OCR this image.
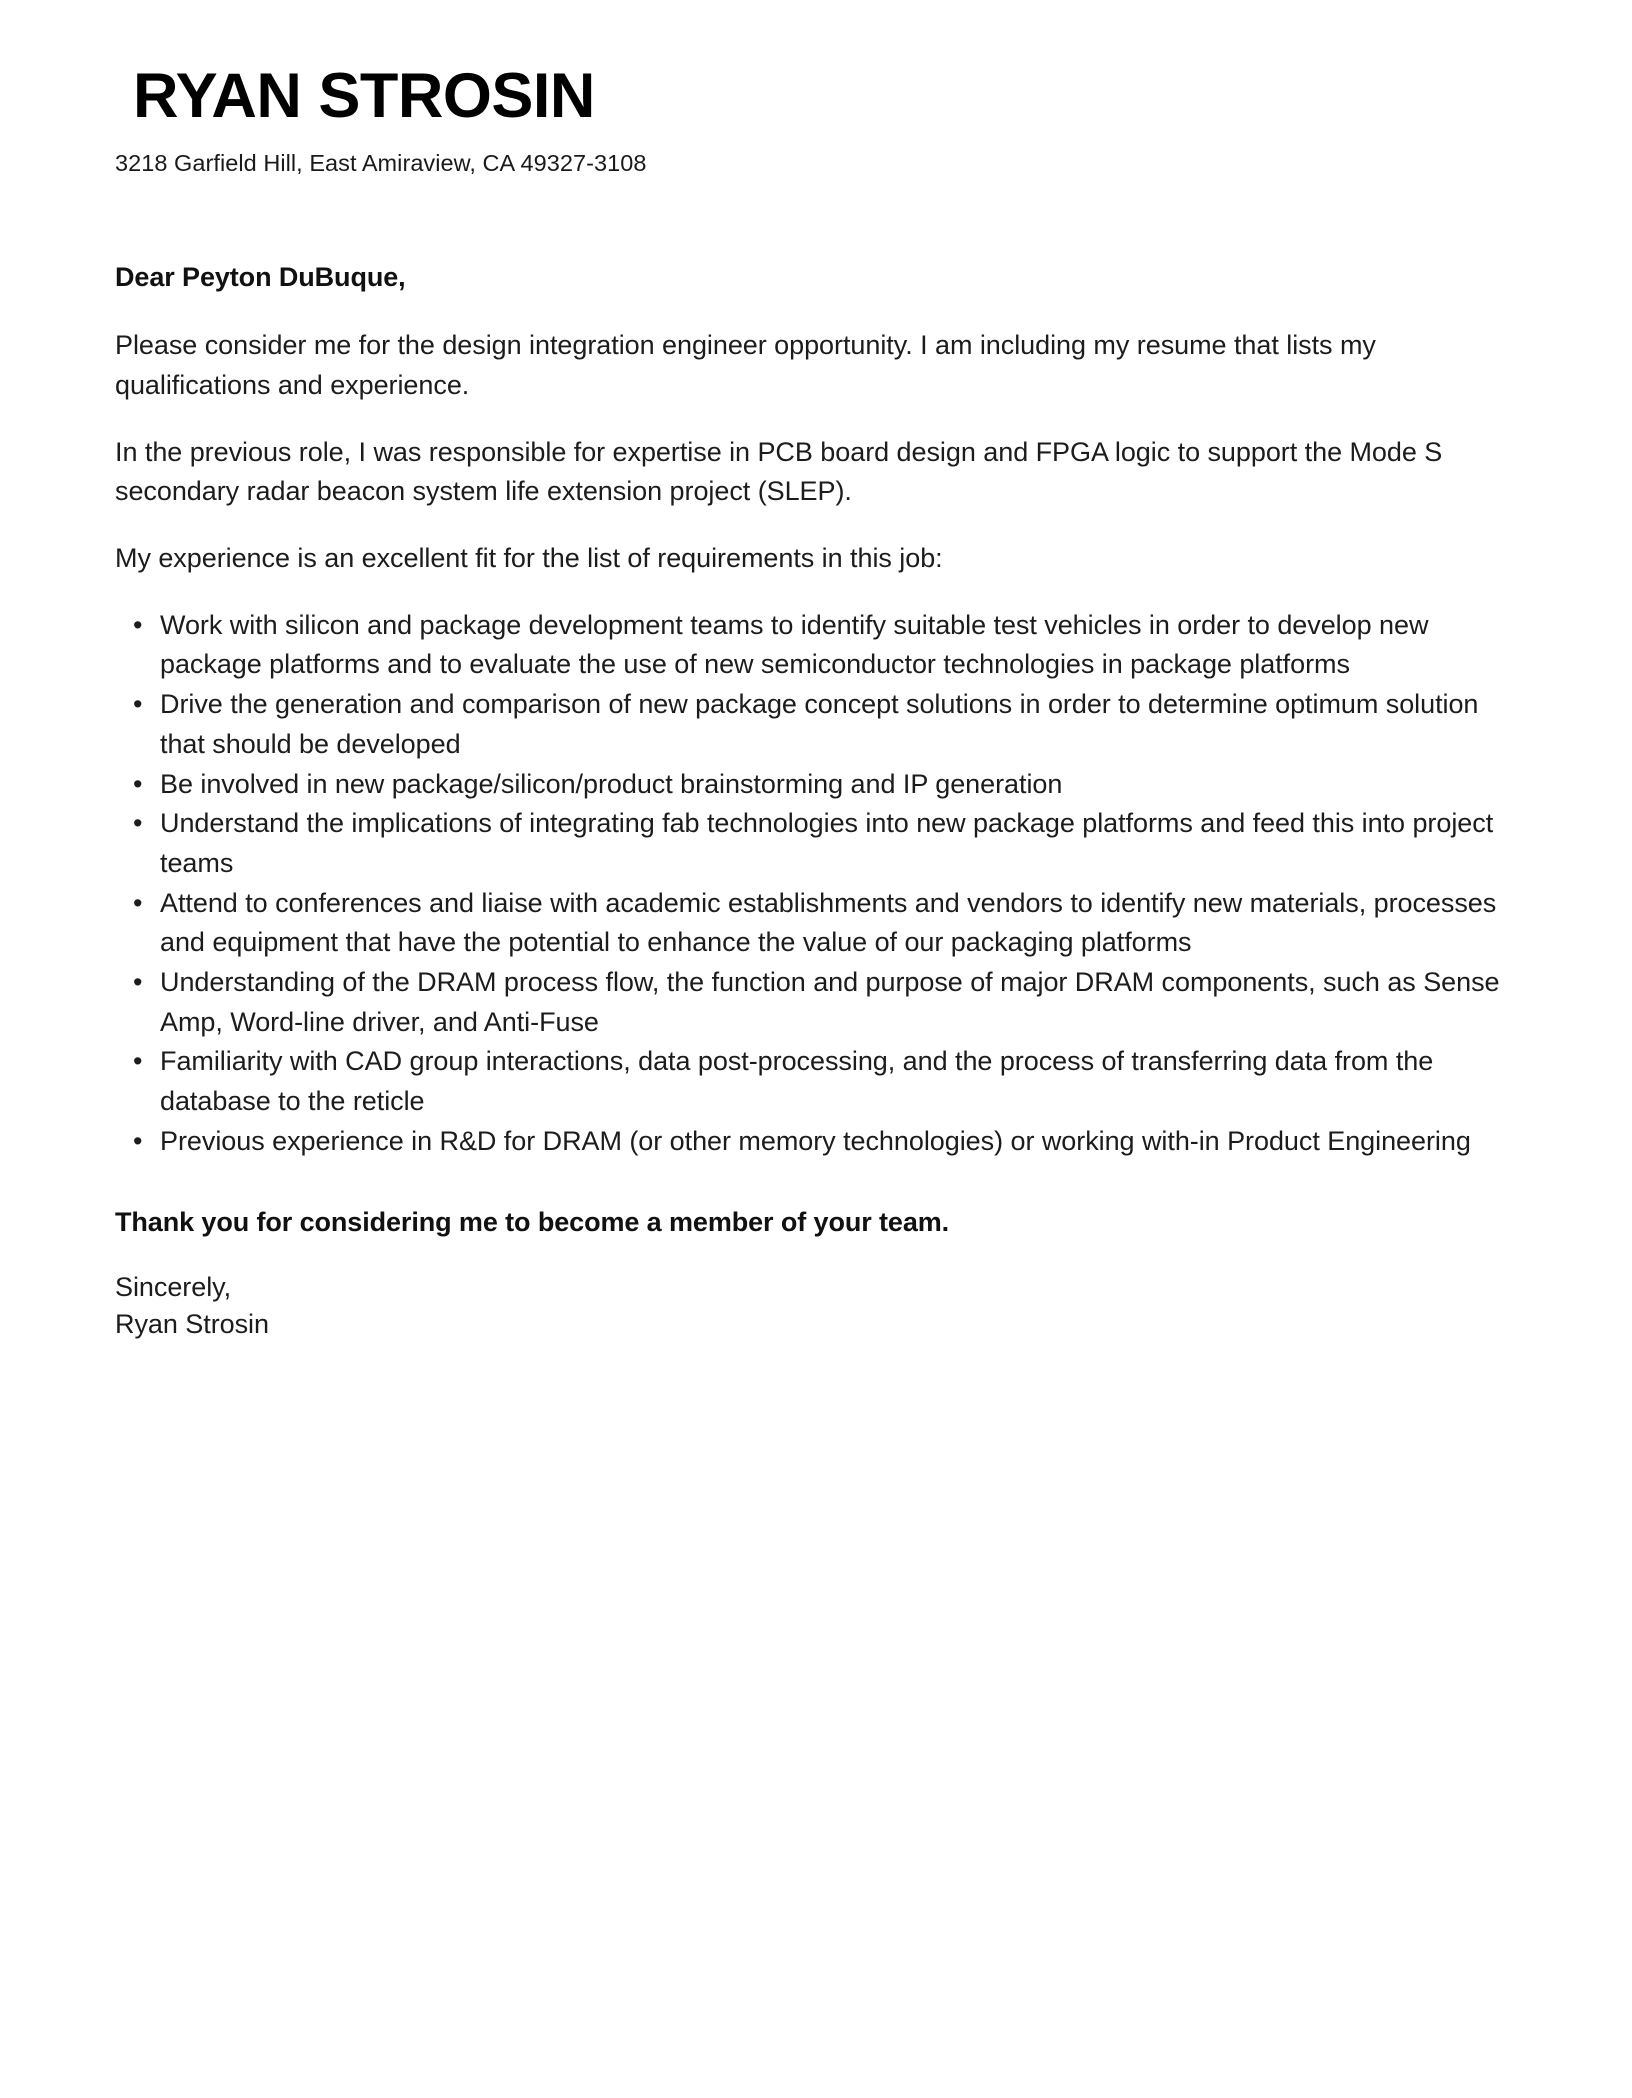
RYAN STROSIN
3218 Garfield Hill, East Amiraview, CA 49327-3108
Dear Peyton DuBuque,

Please consider me for the design integration engineer opportunity. I am including my resume that lists my qualifications and experience.

In the previous role, I was responsible for expertise in PCB board design and FPGA logic to support the Mode S secondary radar beacon system life extension project (SLEP).

My experience is an excellent fit for the list of requirements in this job:

• Work with silicon and package development teams to identify suitable test vehicles in order to develop new package platforms and to evaluate the use of new semiconductor technologies in package platforms
• Drive the generation and comparison of new package concept solutions in order to determine optimum solution that should be developed
• Be involved in new package/silicon/product brainstorming and IP generation
• Understand the implications of integrating fab technologies into new package platforms and feed this into project teams
• Attend to conferences and liaise with academic establishments and vendors to identify new materials, processes and equipment that have the potential to enhance the value of our packaging platforms
• Understanding of the DRAM process flow, the function and purpose of major DRAM components, such as Sense Amp, Word-line driver, and Anti-Fuse
• Familiarity with CAD group interactions, data post-processing, and the process of transferring data from the database to the reticle
• Previous experience in R&D for DRAM (or other memory technologies) or working with-in Product Engineering
Thank you for considering me to become a member of your team.
Sincerely,
Ryan Strosin
